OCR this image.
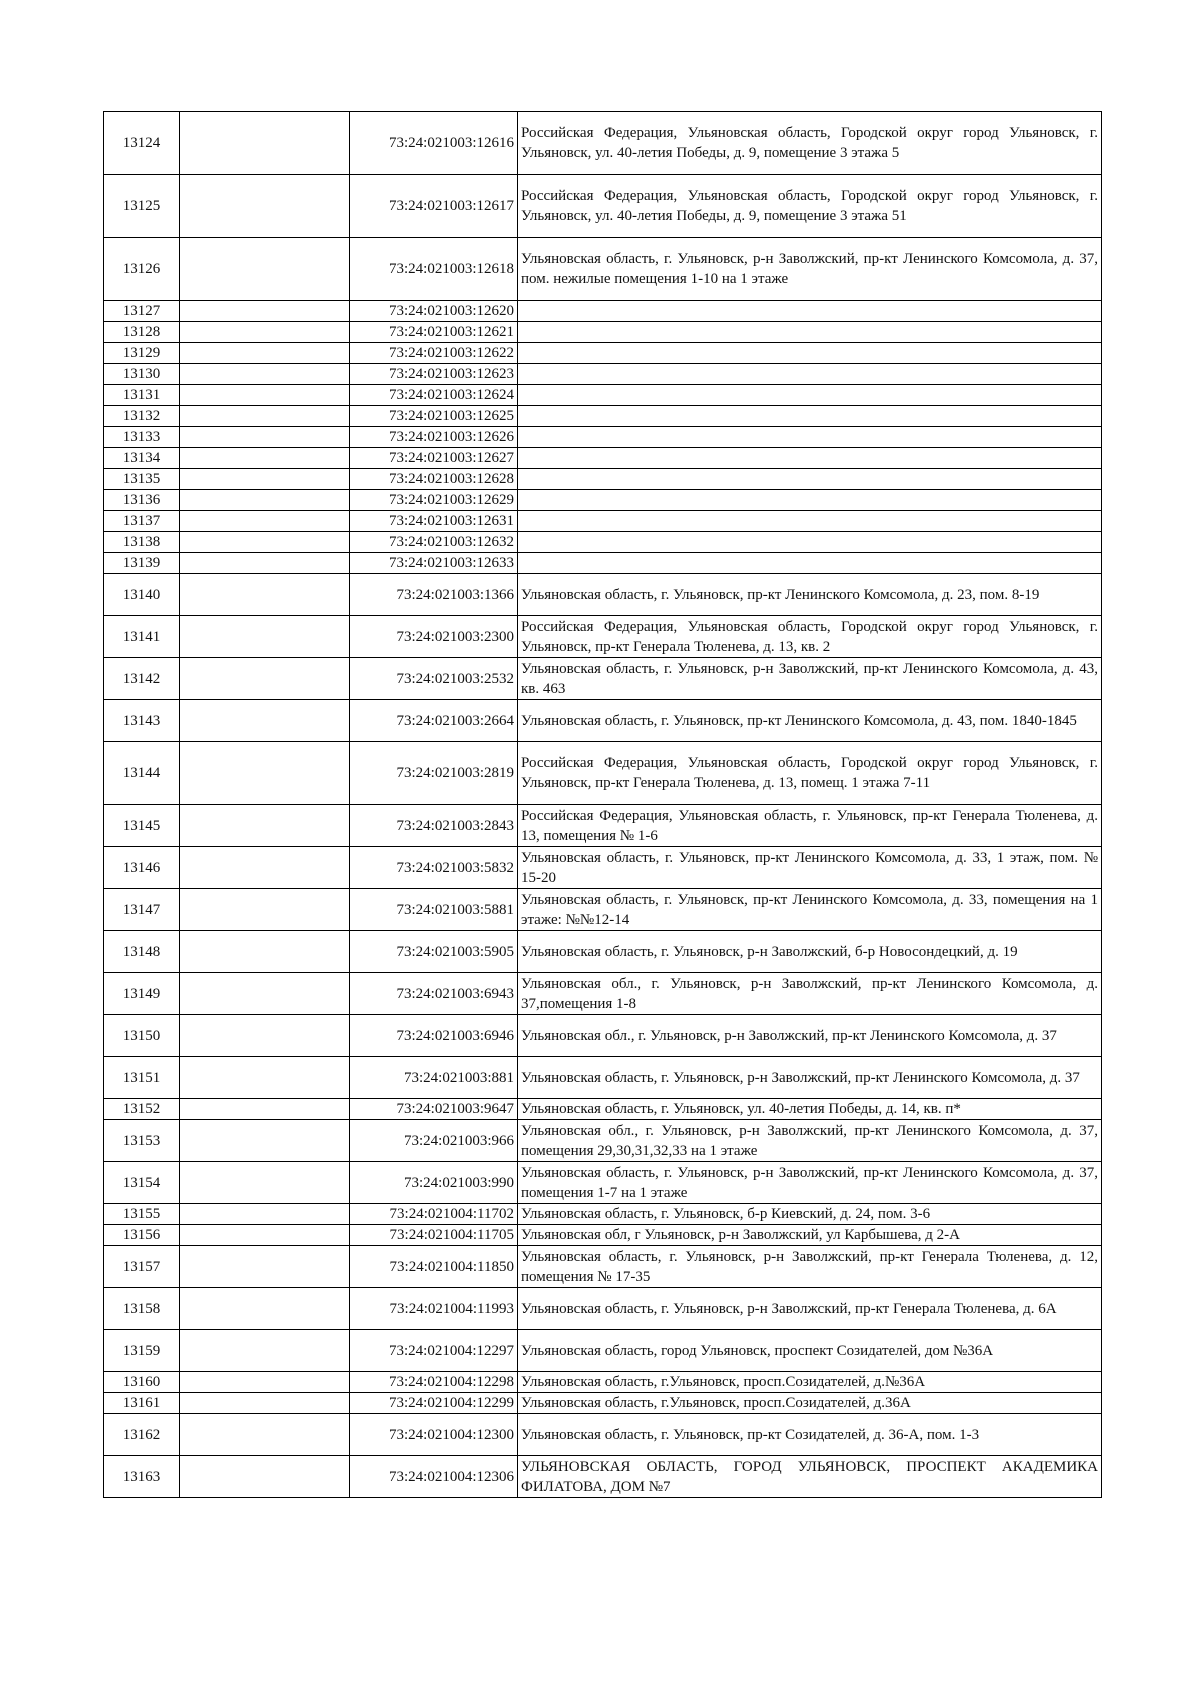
13124		73:24:021003:12616	Российская Федерация, Ульяновская область, Городской округ город Ульяновск, г. Ульяновск, ул. 40-летия Победы, д. 9, помещение 3 этажа 5
13125		73:24:021003:12617	Российская Федерация, Ульяновская область, Городской округ город Ульяновск, г. Ульяновск, ул. 40-летия Победы, д. 9, помещение 3 этажа 51
13126		73:24:021003:12618	Ульяновская область, г. Ульяновск, р-н Заволжский, пр-кт Ленинского Комсомола, д. 37, пом. нежилые помещения 1-10 на 1 этаже
13127		73:24:021003:12620	
13128		73:24:021003:12621	
13129		73:24:021003:12622	
13130		73:24:021003:12623	
13131		73:24:021003:12624	
13132		73:24:021003:12625	
13133		73:24:021003:12626	
13134		73:24:021003:12627	
13135		73:24:021003:12628	
13136		73:24:021003:12629	
13137		73:24:021003:12631	
13138		73:24:021003:12632	
13139		73:24:021003:12633	
13140		73:24:021003:1366	Ульяновская область, г. Ульяновск, пр-кт Ленинского Комсомола, д. 23, пом. 8-19
13141		73:24:021003:2300	Российская Федерация, Ульяновская область, Городской округ город Ульяновск, г. Ульяновск, пр-кт Генерала Тюленева, д. 13, кв. 2
13142		73:24:021003:2532	Ульяновская область, г. Ульяновск, р-н Заволжский, пр-кт Ленинского Комсомола, д. 43, кв. 463
13143		73:24:021003:2664	Ульяновская область, г. Ульяновск, пр-кт Ленинского Комсомола, д. 43, пом. 1840-1845
13144		73:24:021003:2819	Российская Федерация, Ульяновская область, Городской округ город Ульяновск, г. Ульяновск, пр-кт Генерала Тюленева, д. 13, помещ. 1 этажа 7-11
13145		73:24:021003:2843	Российская Федерация, Ульяновская область, г. Ульяновск, пр-кт Генерала Тюленева, д. 13, помещения № 1-6
13146		73:24:021003:5832	Ульяновская область, г. Ульяновск, пр-кт Ленинского Комсомола, д. 33, 1 этаж, пом. № 15-20
13147		73:24:021003:5881	Ульяновская область, г. Ульяновск, пр-кт Ленинского Комсомола, д. 33, помещения на 1 этаже: №№12-14
13148		73:24:021003:5905	Ульяновская область, г. Ульяновск, р-н Заволжский, б-р Новосондецкий, д. 19
13149		73:24:021003:6943	Ульяновская обл., г. Ульяновск, р-н Заволжский, пр-кт Ленинского Комсомола, д. 37,помещения 1-8
13150		73:24:021003:6946	Ульяновская обл., г. Ульяновск, р-н Заволжский, пр-кт Ленинского Комсомола, д. 37
13151		73:24:021003:881	Ульяновская область, г. Ульяновск, р-н Заволжский, пр-кт Ленинского Комсомола, д. 37
13152		73:24:021003:9647	Ульяновская область, г. Ульяновск, ул. 40-летия Победы, д. 14, кв. п*
13153		73:24:021003:966	Ульяновская обл., г. Ульяновск, р-н Заволжский, пр-кт Ленинского Комсомола, д. 37, помещения 29,30,31,32,33 на 1 этаже
13154		73:24:021003:990	Ульяновская область, г. Ульяновск, р-н Заволжский, пр-кт Ленинского Комсомола, д. 37, помещения 1-7 на 1 этаже
13155		73:24:021004:11702	Ульяновская область, г. Ульяновск, б-р Киевский, д. 24, пом. 3-6
13156		73:24:021004:11705	Ульяновская обл, г Ульяновск, р-н Заволжский, ул Карбышева, д 2-А
13157		73:24:021004:11850	Ульяновская область, г. Ульяновск, р-н Заволжский, пр-кт Генерала Тюленева, д. 12, помещения № 17-35
13158		73:24:021004:11993	Ульяновская область, г. Ульяновск, р-н Заволжский, пр-кт Генерала Тюленева, д. 6А
13159		73:24:021004:12297	Ульяновская область, город Ульяновск, проспект Созидателей, дом №36А
13160		73:24:021004:12298	Ульяновская область, г.Ульяновск, просп.Созидателей, д.№36А
13161		73:24:021004:12299	Ульяновская область, г.Ульяновск, просп.Созидателей, д.36А
13162		73:24:021004:12300	Ульяновская область, г. Ульяновск, пр-кт Созидателей, д. 36-А, пом. 1-3
13163		73:24:021004:12306	УЛЬЯНОВСКАЯ ОБЛАСТЬ, ГОРОД УЛЬЯНОВСК, ПРОСПЕКТ АКАДЕМИКА ФИЛАТОВА, ДОМ №7
